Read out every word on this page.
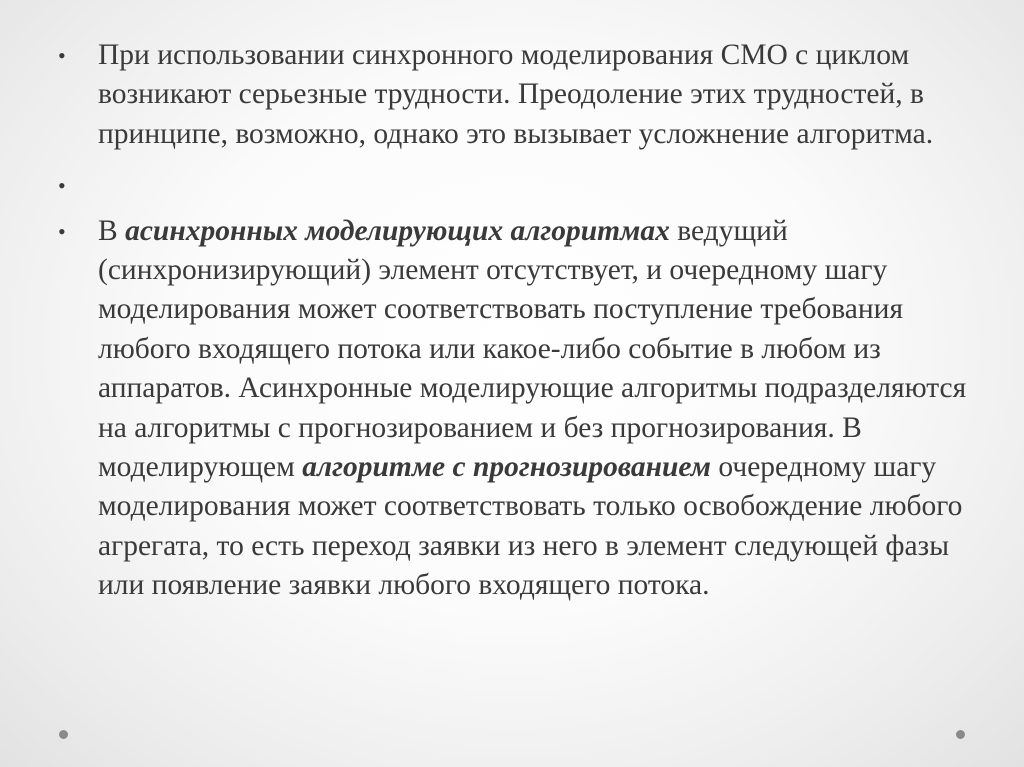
•	При использовании синхронного моделирования СМО с циклом возникают серьезные трудности. Преодоление этих трудностей, в принципе, возможно, однако это вызывает усложнение алгоритма.
•
•	В асинхронных моделирующих алгоритмах ведущий (синхронизирующий) элемент отсутствует, и очередному шагу моделирования может соответствовать поступление требования любого входящего потока или какое-либо событие в любом из аппаратов. Асинхронные моделирующие алгоритмы подразделяются на алгоритмы с прогнозированием и без прогнозирования. В моделирующем алгоритме с прогнозированием очередному шагу моделирования может соответствовать только освобождение любого агрегата, то есть переход заявки из него в элемент следующей фазы или появление заявки любого входящего потока.
